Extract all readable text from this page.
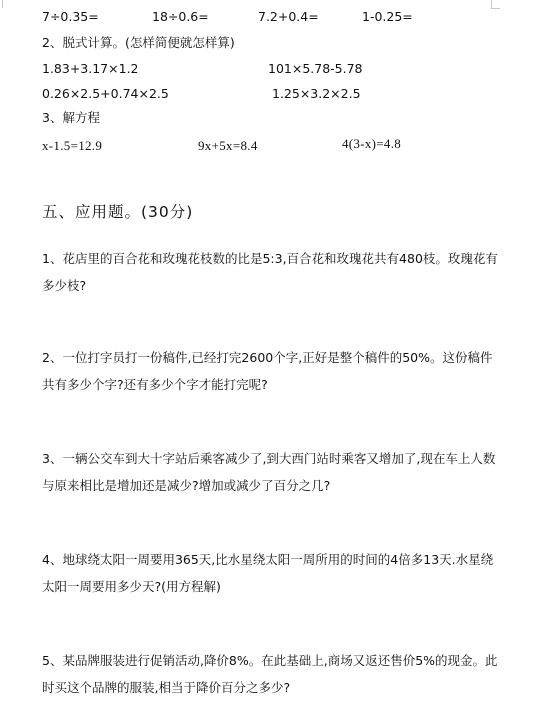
7÷0.35=	18÷0.6=	7.2+0.4=	1-0.25=
2、脱式计算。(怎样简便就怎样算)
1.83+3.17×1.2	101×5.78-5.78
0.26×2.5+0.74×2.5	1.25×3.2×2.5
3、解方程
x-1.5=12.9	9x+5x=8.4	4(3-x)=4.8
五、应用题。(30分)
1、花店里的百合花和玫瑰花枝数的比是5:3,百合花和玫瑰花共有480枝。玫瑰花有多少枝?
2、一位打字员打一份稿件,已经打完2600个字,正好是整个稿件的50%。这份稿件共有多少个字?还有多少个字才能打完呢?
3、一辆公交车到大十字站后乘客减少了,到大西门站时乘客又增加了,现在车上人数与原来相比是增加还是减少?增加或减少了百分之几?
4、地球绕太阳一周要用365天,比水星绕太阳一周所用的时间的4倍多13天.水星绕太阳一周要用多少天?(用方程解)
5、某品牌服装进行促销活动,降价8%。在此基础上,商场又返还售价5%的现金。此时买这个品牌的服装,相当于降价百分之多少?
